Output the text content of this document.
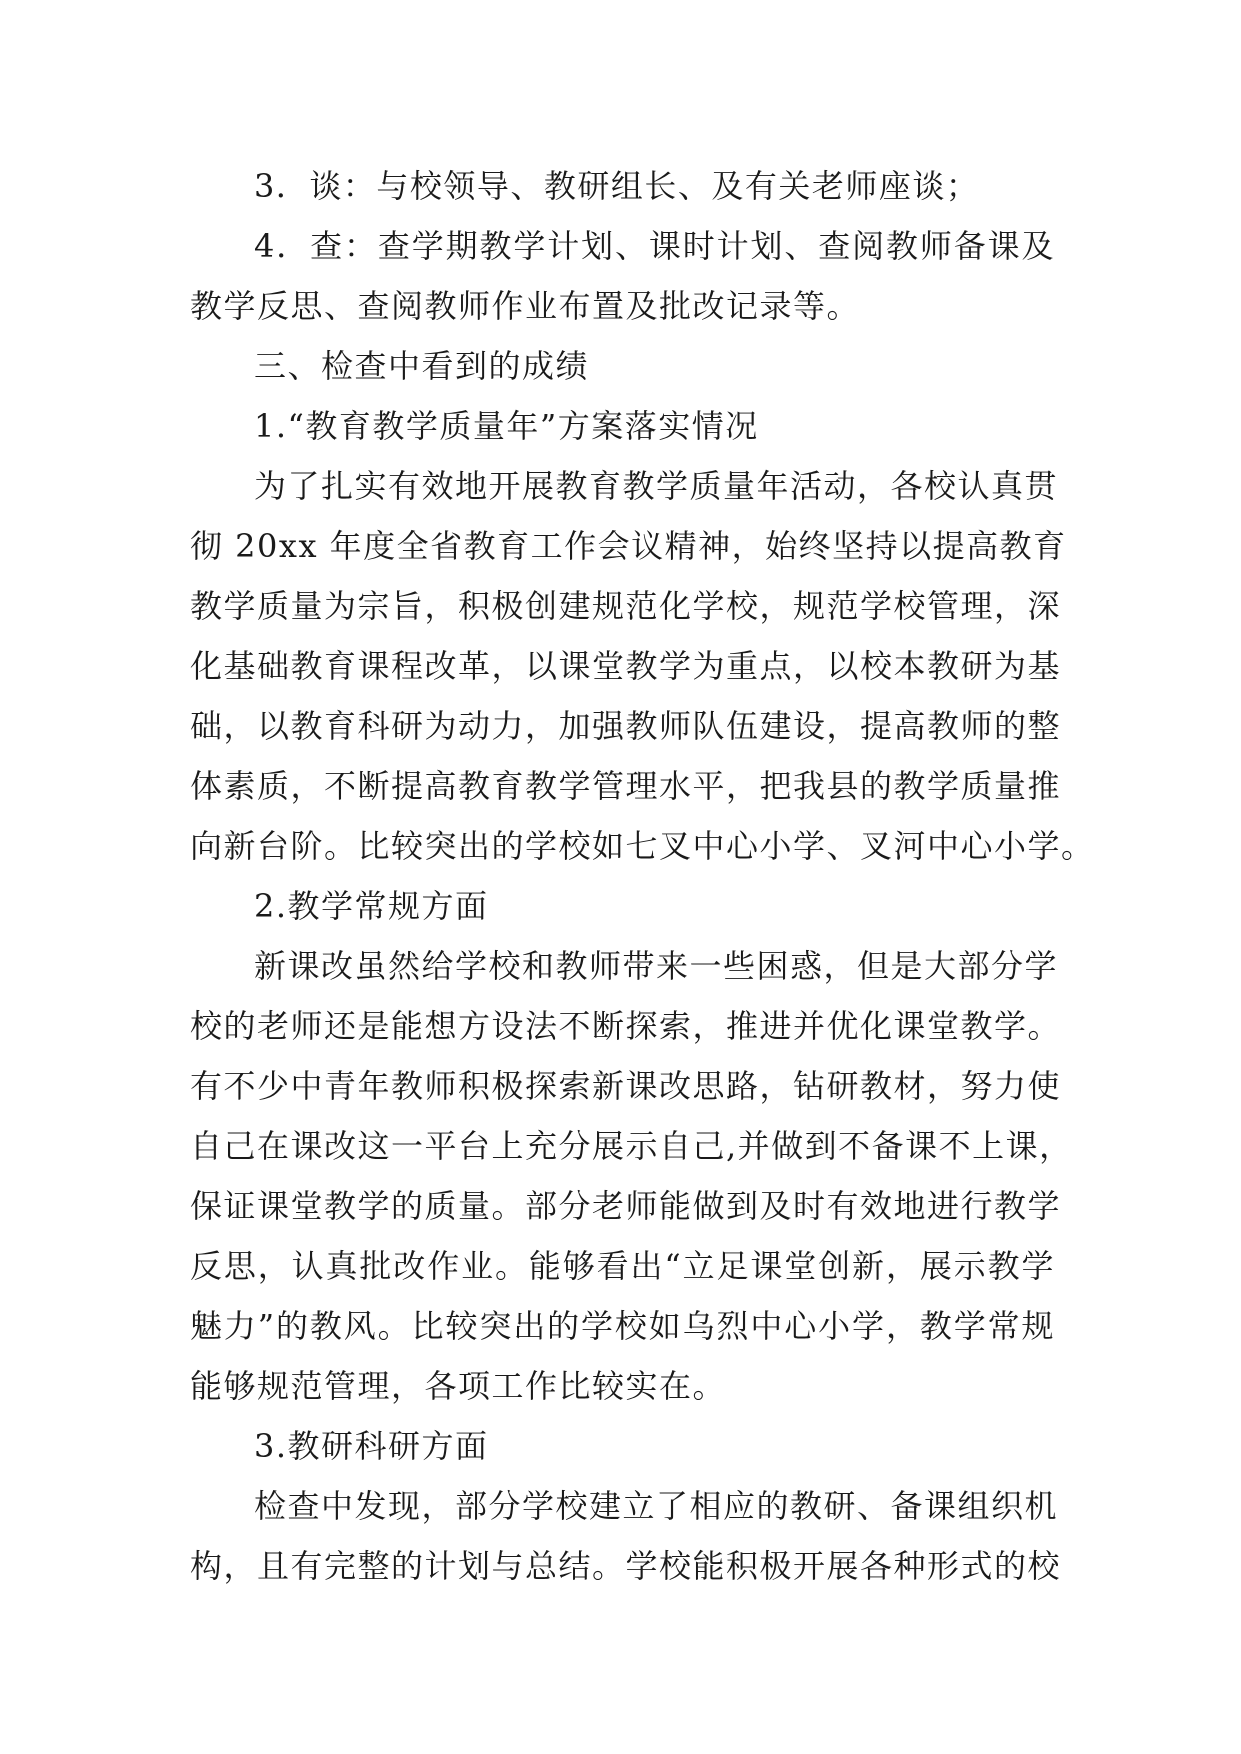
3．谈：与校领导、教研组长、及有关老师座谈；
4．查：查学期教学计划、课时计划、查阅教师备课及
教学反思、查阅教师作业布置及批改记录等。
三、检查中看到的成绩
1.“教育教学质量年”方案落实情况
为了扎实有效地开展教育教学质量年活动，各校认真贯
彻 20xx 年度全省教育工作会议精神，始终坚持以提高教育
教学质量为宗旨，积极创建规范化学校，规范学校管理，深
化基础教育课程改革，以课堂教学为重点，以校本教研为基
础，以教育科研为动力，加强教师队伍建设，提高教师的整
体素质，不断提高教育教学管理水平，把我县的教学质量推
向新台阶。比较突出的学校如七叉中心小学、叉河中心小学。
2.教学常规方面
新课改虽然给学校和教师带来一些困惑，但是大部分学
校的老师还是能想方设法不断探索，推进并优化课堂教学。
有不少中青年教师积极探索新课改思路，钻研教材，努力使
自己在课改这一平台上充分展示自己,并做到不备课不上课，
保证课堂教学的质量。部分老师能做到及时有效地进行教学
反思，认真批改作业。能够看出“立足课堂创新，展示教学
魅力”的教风。比较突出的学校如乌烈中心小学，教学常规
能够规范管理，各项工作比较实在。
3.教研科研方面
检查中发现，部分学校建立了相应的教研、备课组织机
构，且有完整的计划与总结。学校能积极开展各种形式的校
